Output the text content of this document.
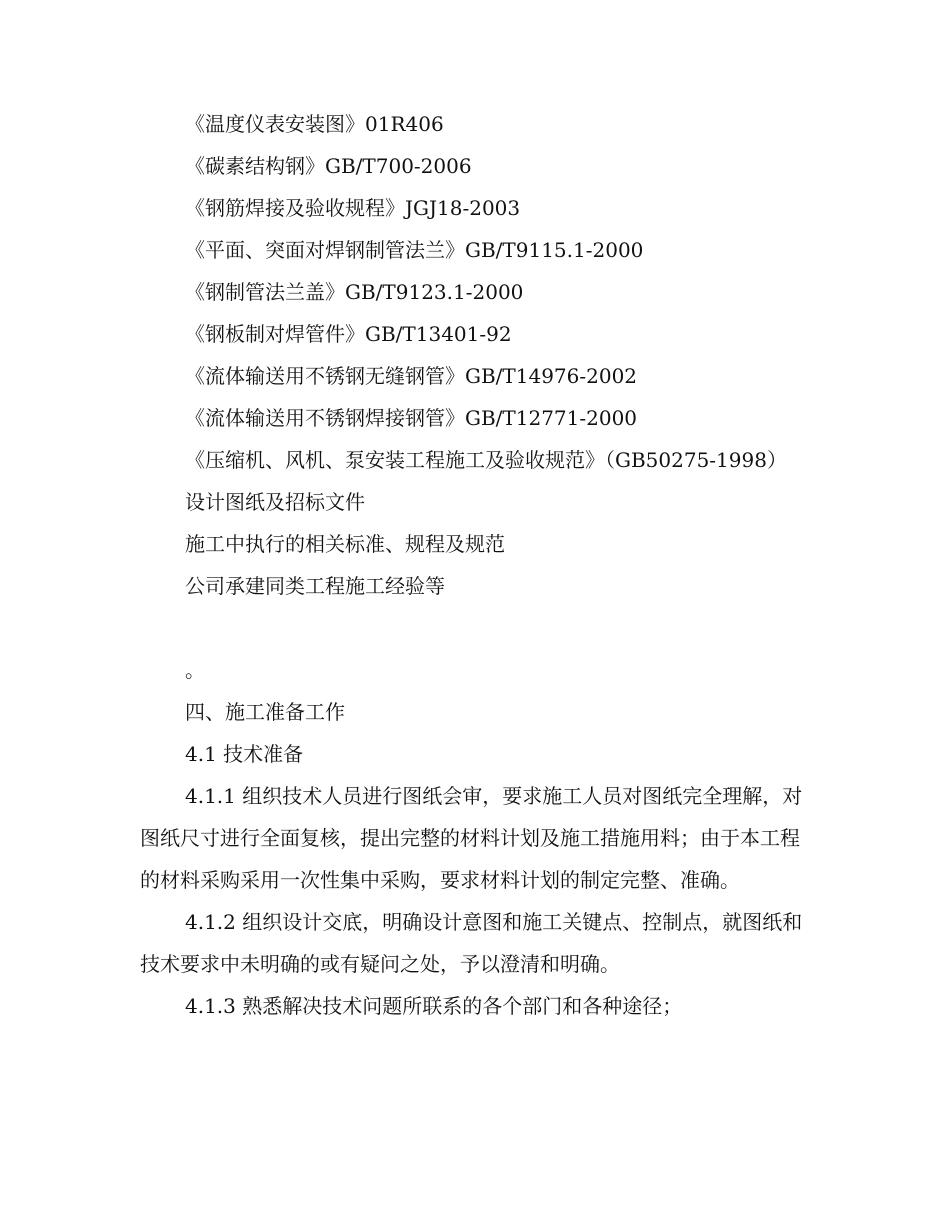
《温度仪表安装图》01R406

《碳素结构钢》GB/T700-2006

《钢筋焊接及验收规程》JGJ18-2003

《平面、突面对焊钢制管法兰》GB/T9115.1-2000

《钢制管法兰盖》GB/T9123.1-2000

《钢板制对焊管件》GB/T13401-92

《流体输送用不锈钢无缝钢管》GB/T14976-2002

《流体输送用不锈钢焊接钢管》GB/T12771-2000

《压缩机、风机、泵安装工程施工及验收规范》（GB50275-1998）

设计图纸及招标文件

施工中执行的相关标准、规程及规范

公司承建同类工程施工经验等

。

四、施工准备工作

4.1 技术准备

4.1.1 组织技术人员进行图纸会审，要求施工人员对图纸完全理解，对图纸尺寸进行全面复核，提出完整的材料计划及施工措施用料；由于本工程的材料采购采用一次性集中采购，要求材料计划的制定完整、准确。

4.1.2 组织设计交底，明确设计意图和施工关键点、控制点，就图纸和技术要求中未明确的或有疑问之处，予以澄清和明确。

4.1.3 熟悉解决技术问题所联系的各个部门和各种途径；
